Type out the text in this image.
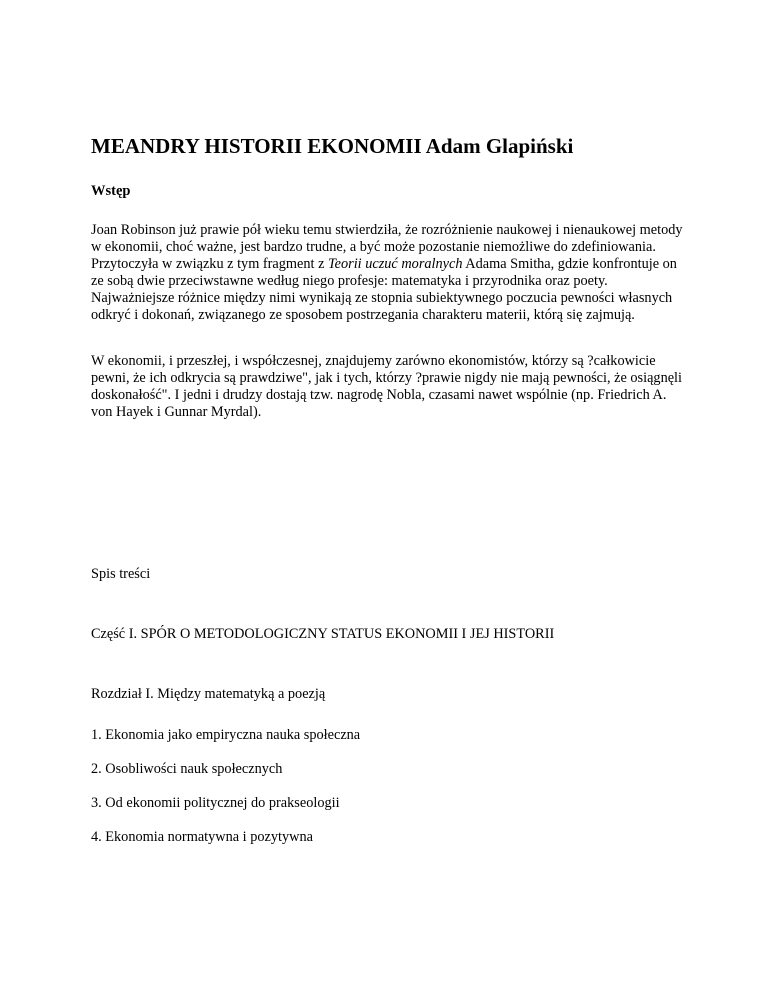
MEANDRY HISTORII EKONOMII Adam Glapiński
Wstęp

Joan Robinson już prawie pół wieku temu stwierdziła, że rozróżnienie naukowej i nienaukowej metody w ekonomii, choć ważne, jest bardzo trudne, a być może pozostanie niemożliwe do zdefiniowania. Przytoczyła w związku z tym fragment z Teorii uczuć moralnych Adama Smitha, gdzie konfrontuje on ze sobą dwie przeciwstawne według niego profesje: matematyka i przyrodnika oraz poety. Najważniejsze różnice między nimi wynikają ze stopnia subiektywnego poczucia pewności własnych odkryć i dokonań, związanego ze sposobem postrzegania charakteru materii, którą się zajmują.

W ekonomii, i przeszłej, i współczesnej, znajdujemy zarówno ekonomistów, którzy są ?całkowicie pewni, że ich odkrycia są prawdziwe", jak i tych, którzy ?prawie nigdy nie mają pewności, że osiągnęli doskonałość". I jedni i drudzy dostają tzw. nagrodę Nobla, czasami nawet wspólnie (np. Friedrich A. von Hayek i Gunnar Myrdal).

Spis treści

Część I. SPÓR O METODOLOGICZNY STATUS EKONOMII I JEJ HISTORII

Rozdział I. Między matematyką a poezją

1. Ekonomia jako empiryczna nauka społeczna

2. Osobliwości nauk społecznych

3. Od ekonomii politycznej do prakseologii

4. Ekonomia normatywna i pozytywna
